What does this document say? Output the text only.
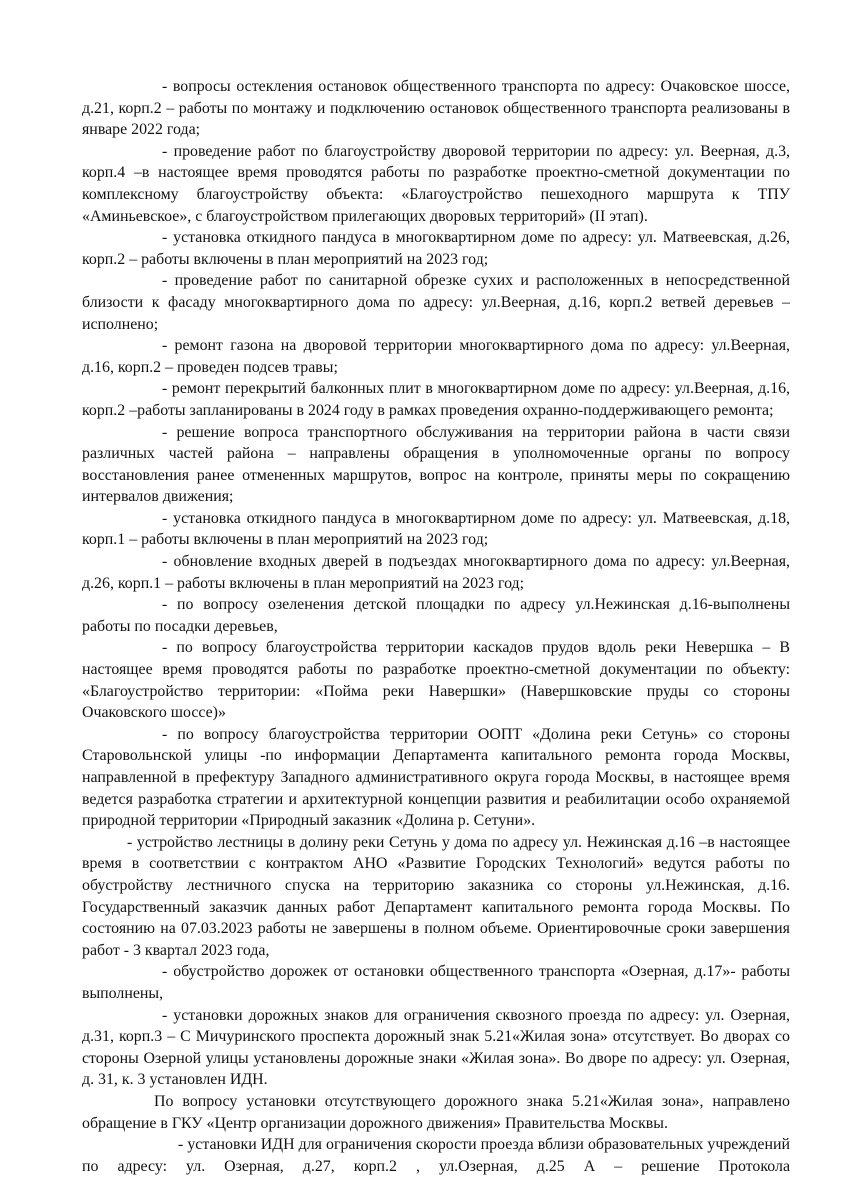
- вопросы остекления остановок общественного транспорта по адресу: Очаковское шоссе, д.21, корп.2 – работы по монтажу и подключению остановок общественного транспорта реализованы в январе 2022 года;

- проведение работ по благоустройству дворовой территории по адресу: ул. Веерная, д.3, корп.4 –в настоящее время проводятся работы по разработке проектно-сметной документации по комплексному благоустройству объекта: «Благоустройство пешеходного маршрута к ТПУ «Аминьевское», с благоустройством прилегающих дворовых территорий» (II этап).

- установка откидного пандуса в многоквартирном доме по адресу: ул. Матвеевская, д.26, корп.2 – работы включены в план мероприятий на 2023 год;

- проведение работ по санитарной обрезке сухих и расположенных в непосредственной близости к фасаду многоквартирного дома по адресу: ул.Веерная, д.16, корп.2 ветвей деревьев – исполнено;

- ремонт газона на дворовой территории многоквартирного дома по адресу: ул.Веерная, д.16, корп.2 – проведен подсев травы;

- ремонт перекрытий балконных плит в многоквартирном доме по адресу: ул.Веерная, д.16, корп.2 –работы запланированы в 2024 году в рамках проведения охранно-поддерживающего ремонта;

- решение вопроса транспортного обслуживания на территории района в части связи различных частей района – направлены обращения в уполномоченные органы по вопросу восстановления ранее отмененных маршрутов, вопрос на контроле, приняты меры по сокращению интервалов движения;

- установка откидного пандуса в многоквартирном доме по адресу: ул. Матвеевская, д.18, корп.1 – работы включены в план мероприятий на 2023 год;

- обновление входных дверей в подъездах многоквартирного дома по адресу: ул.Веерная, д.26, корп.1 – работы включены в план мероприятий на 2023 год;

- по вопросу озеленения детской площадки по адресу ул.Нежинская д.16-выполнены работы по посадки деревьев,

- по вопросу благоустройства территории каскадов прудов вдоль реки Невершка – В настоящее время проводятся работы по разработке проектно-сметной документации по объекту: «Благоустройство территории: «Пойма реки Навершки» (Навершковские пруды со стороны Очаковского шоссе)»

- по вопросу благоустройства территории ООПТ «Долина реки Сетунь» со стороны Старовольнской улицы -по информации Департамента капитального ремонта города Москвы, направленной в префектуру Западного административного округа города Москвы, в настоящее время ведется разработка стратегии и архитектурной концепции развития и реабилитации особо охраняемой природной территории «Природный заказник «Долина р. Сетуни».

- устройство лестницы в долину реки Сетунь у дома по адресу ул. Нежинская д.16 –в настоящее время в соответствии с контрактом АНО «Развитие Городских Технологий» ведутся работы по обустройству лестничного спуска на территорию заказника со стороны ул.Нежинская, д.16. Государственный заказчик данных работ Департамент капитального ремонта города Москвы. По состоянию на 07.03.2023 работы не завершены в полном объеме. Ориентировочные сроки завершения работ - 3 квартал 2023 года,

- обустройство дорожек от остановки общественного транспорта «Озерная, д.17»- работы выполнены,

- установки дорожных знаков для ограничения сквозного проезда по адресу: ул. Озерная, д.31, корп.3 – С Мичуринского проспекта дорожный знак 5.21«Жилая зона» отсутствует. Во дворах со стороны Озерной улицы установлены дорожные знаки «Жилая зона». Во дворе по адресу: ул. Озерная, д. 31, к. 3 установлен ИДН.

По вопросу установки отсутствующего дорожного знака 5.21«Жилая зона», направлено обращение в ГКУ «Центр организации дорожного движения» Правительства Москвы.

- установки ИДН для ограничения скорости проезда вблизи образовательных учреждений по адресу: ул. Озерная, д.27, корп.2 , ул.Озерная, д.25 А – решение Протокола
